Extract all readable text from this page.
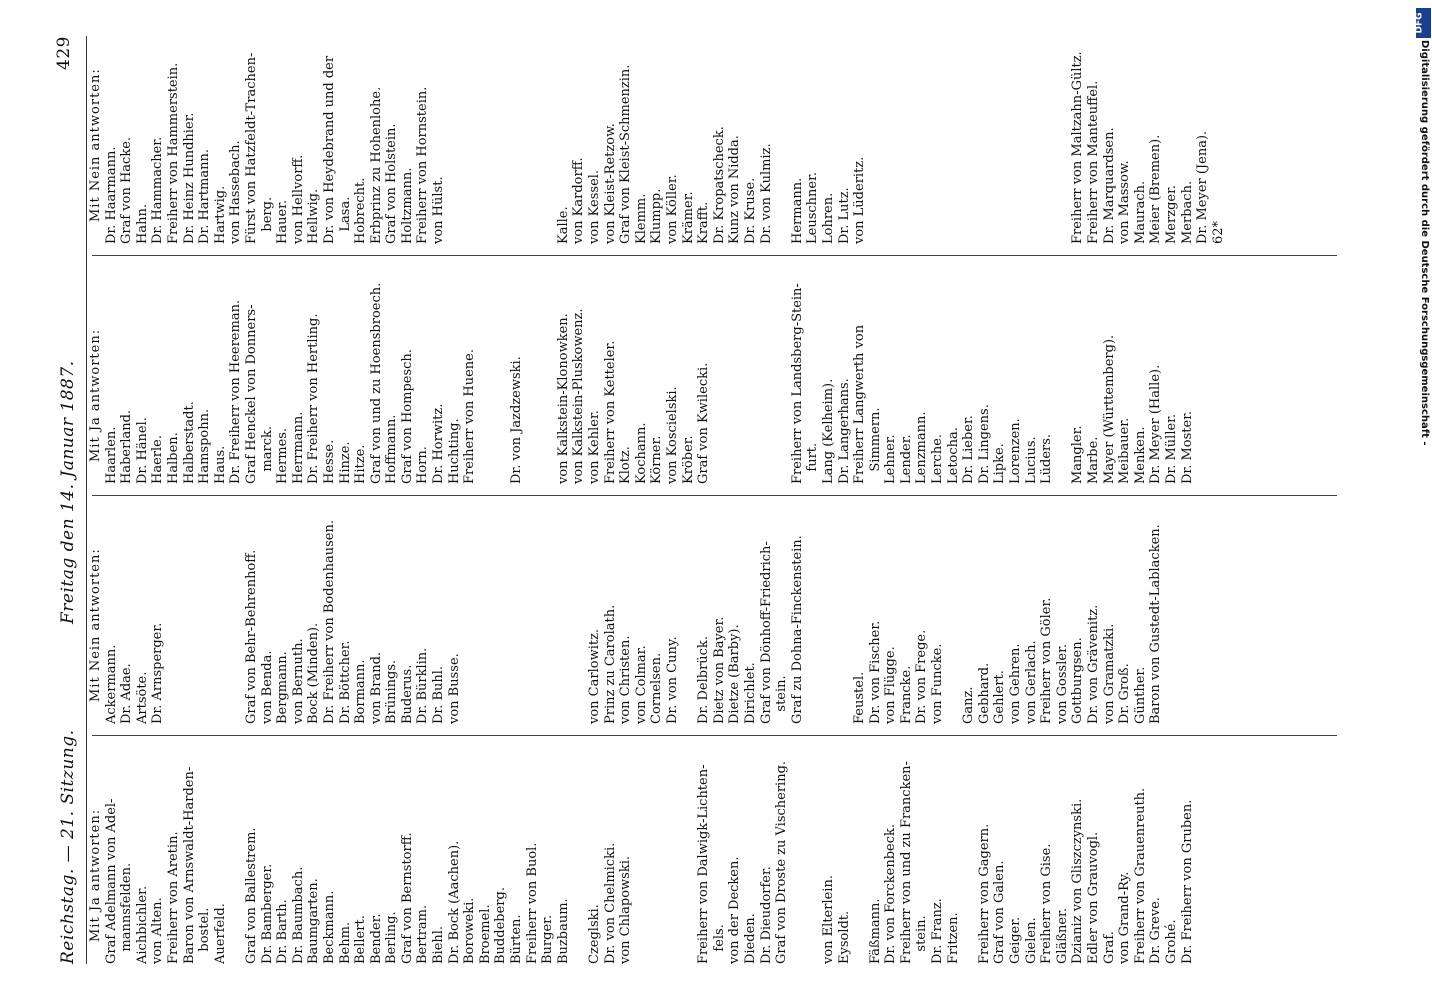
Reichstag. — 21. Sitzung.
Freitag den 14. Januar 1887.
429
Mit Ja antworten: Graf Adelmann von Adel- mannsfelden. Aichbichler. von Alten. Freiherr von Aretin. Baron von Arnswaldt-Harden- bostel. Auerfeld.
Graf von Ballestrem. Dr. Bamberger. Dr. Barth. Dr. Baumbach. Baumgarten. Beckmann. Behm. Bellert. Bender. Berling. Graf von Bernstorff. Bertram. Biehl. Dr. Bock (Aachen). Boroweki. Broemel. Buddeberg. Bürten. Freiherr von Buol. Burger. Buzbaum.
Czeglski. Dr. von Chelmicki. von Chlapowski.

	Freiherr von Dalwigk-Lichten- fels. von der Decken. Dieden. Dr. Dieudorfer. Graf von Droste zu Vischering.

von Elterlein. Eysoldt.
Fäßmann. Dr. von Forckenbeck. Freiherr von und zu Francken- stein. Dr. Franz. Fritzen.
Freiherr von Gagern. Graf von Galen. Geiger. Gielen. Freiherr von Gise. Gläßner. Dzianiz von Gliszczynski. Edler von Grauvogl. Graf. von Grand-Ry. Freiherr von Grauenreuth. Dr. Greve. Grohé. Dr. Freiherr von Gruben.
Mit Nein antworten: Ackermann. Dr. Adae. Artsöte. Dr. Arnsperger.

	Graf von Behr-Behrenhoff. von Benda. Bergmann. von Bernuth. Bock (Minden). Dr. Freiherr von Bodenhausen. Dr. Böttcher. Bormann. von Brand. Brünings. Buderus. Dr. Bürklin. Dr. Buhl. von Busse.

	von Carlowitz. Prinz zu Carolath. von Christen. von Colmar. Cornelsen. Dr. von Cuny.
Dr. Delbrück. Dietz von Bayer. Dietze (Barby). Dirichlet. Graf von Dönhoff-Friedrich- stein. Graf zu Dohna-Finckenstein.

	Feustel. Dr. von Fischer. von Flügge. Francke. Dr. von Frege. von Funcke.
Ganz. Gebhard. Gehlert. von Gehren. von Gerlach. Freiherr von Göler. von Gossler. Gottburgsen. Dr. von Grävenitz. von Gramatzki. Dr. Groß. Günther. Baron von Gustedt-Lablacken.
Mit Ja antworten: Haarlen. Haberland. Dr. Hänel. Haerle. Halben. Halberstadt. Hamspohn. Haus. Dr. Freiherr von Heereman. Graf Henckel von Donners- marck. Hermes. Herrmann. Dr. Freiherr von Hertling. Hesse. Hinze. Hitze. Graf von und zu Hoensbroech. Hoffmann. Graf von Hompesch. Horn. Dr. Horwitz. Huchting. Freiherr von Huene.

Dr. von Jazdzewski.

von Kalkstein-Klonowken. von Kalkstein-Pluskowenz. von Kehler. Freiherr von Ketteler. Klotz. Kochann. Körner. von Koscielski. Kröber. Graf von Kwilecki.

	Freiherr von Landsberg-Stein- furt. Lang (Kelheim). Dr. Langerhans. Freiherr Langwerth von Simmern. Lehner. Lender. Lenzmann. Lerche. Letocha. Dr. Lieber. Dr. Lingens. Lipke. Lorenzen. Lucius. Lüders.
Mangler. Marbe. Mayer (Württemberg). Meibauer. Menken. Dr. Meyer (Halle). Dr. Müller. Dr. Moster.
Mit Nein antworten: Dr. Haarmann. Graf von Hacke. Hahn. Dr. Hammacher. Freiherr von Hammerstein. Dr. Heinz Hundhier. Dr. Hartmann. Hartwig. von Hassebach. Fürst von Hatzfeldt-Trachen- berg. Hauer. von Hellvorff. Hellwig. Dr. von Heydebrand und der Lasa. Hobrecht. Erbprinz zu Hohenlohe. Graf von Holstein. Holtzmann. Freiherr von Hornstein. von Hülst.

	Kalle. von Kardorff. von Kessel. von Kleist-Retzow. Graf von Kleist-Schmenzin. Klemm. Klumpp. von Köller. Krämer. Krafft. Dr. Kropatscheck. Kunz von Nidda. Dr. Kruse. Dr. von Kulmiz.
Hermann. Leuschner. Lohren. Dr. Lutz. von Lüderitz.

	Freiherr von Maltzahn-Gültz. Freiherr von Manteuffel. Dr. Marquardsen. von Massow. Maurach. Meier (Bremen). Merzger. Merbach. Dr. Meyer (Jena). 62*
DFG
Digitalisierung gefördert durch die Deutsche Forschungsgemeinschaft -
